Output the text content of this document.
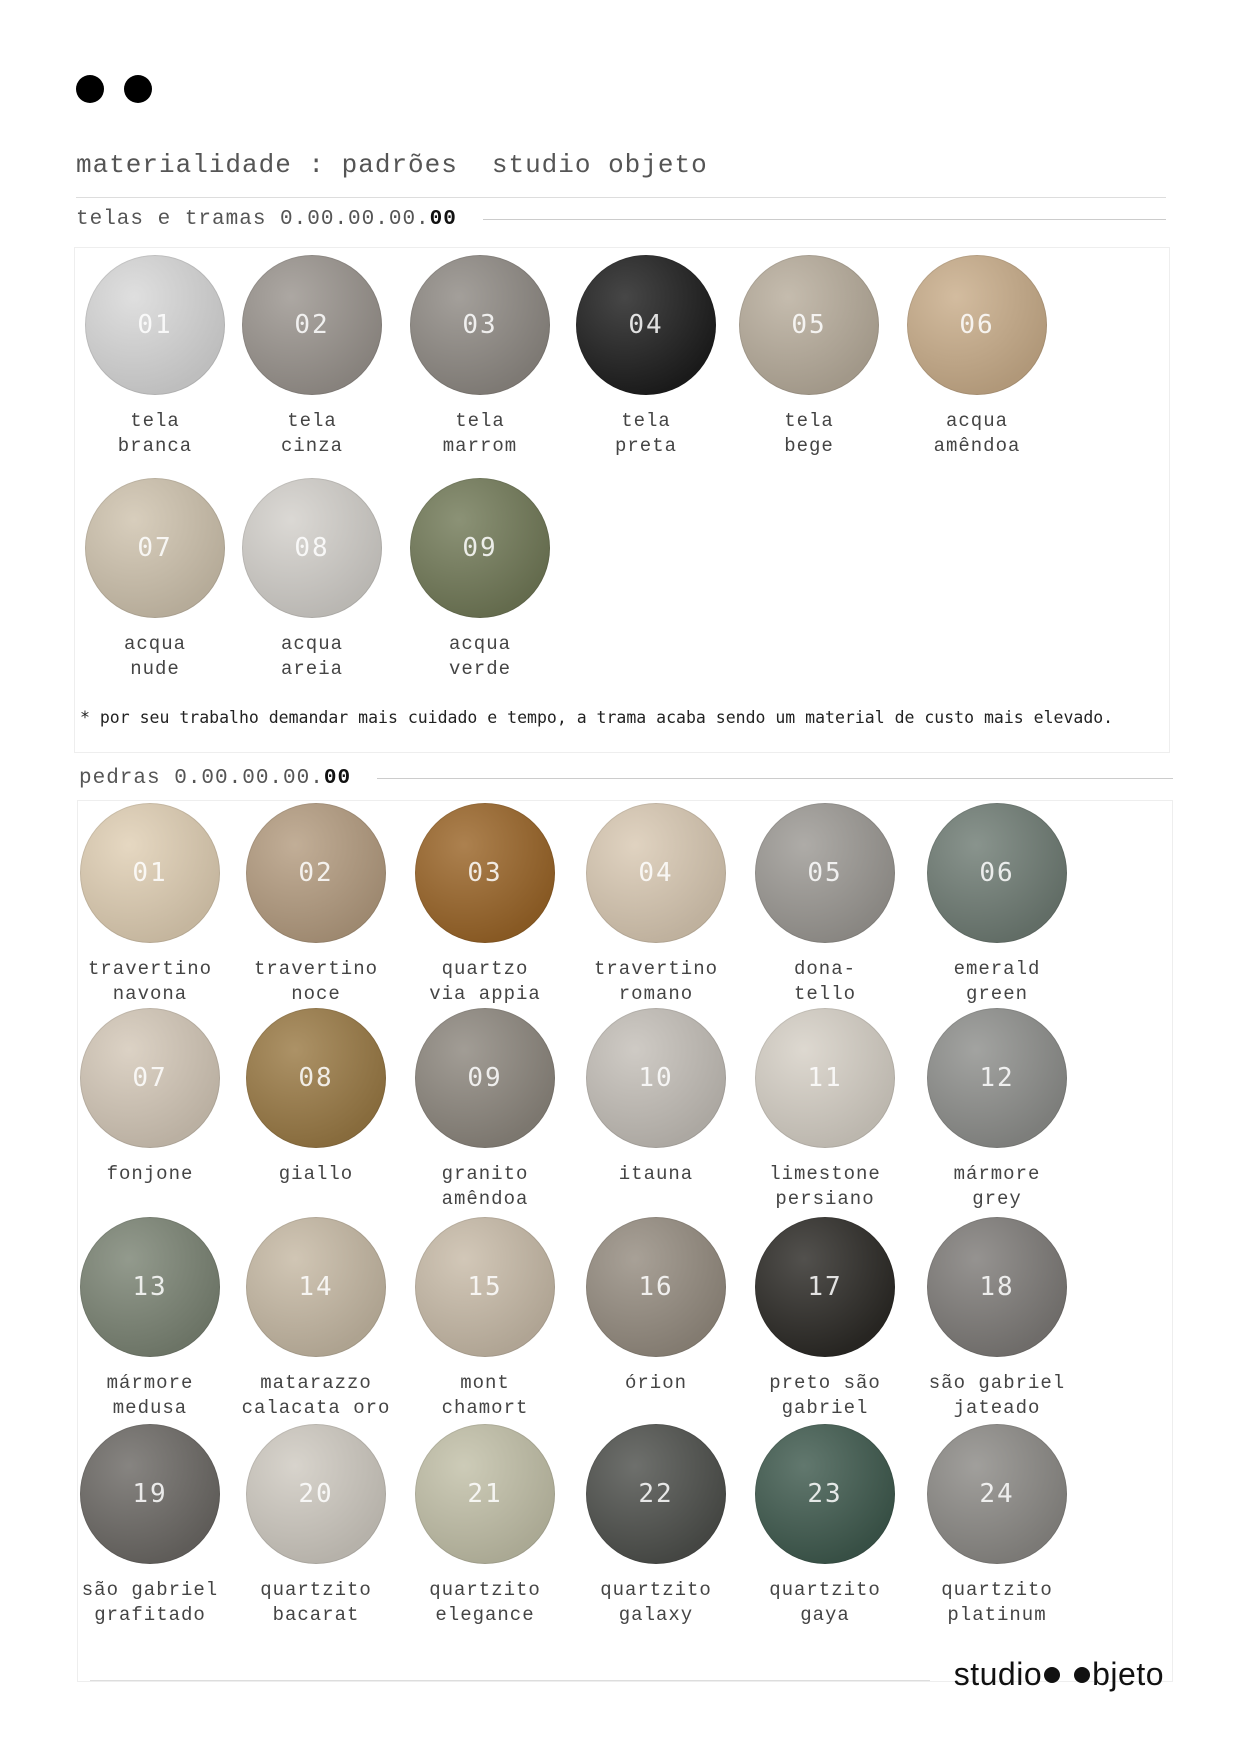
materialidade : padrões studio objeto
telas e tramas 0.00.00.00. 00
01
tela
branca
02
tela
cinza
03
tela
marrom
04
tela
preta
05
tela
bege
06
acqua
amêndoa
07
acqua
nude
08
acqua
areia
09
acqua
verde
* por seu trabalho demandar mais cuidado e tempo, a trama acaba sendo um material de custo mais elevado.
pedras 0.00.00.00. 00
01
travertino
navona
02
travertino
noce
03
quartzo
via appia
04
travertino
romano
05
dona-
tello
06
emerald
green
07
fonjone
08
giallo
09
granito
amêndoa
10
itauna
11
limestone
persiano
12
mármore
grey
13
mármore
medusa
14
matarazzo
calacata oro
15
mont
chamort
16
órion
17
preto são
gabriel
18
são gabriel
jateado
19
são gabriel
grafitado
20
quartzito
bacarat
21
quartzito
elegance
22
quartzito
galaxy
23
quartzito
gaya
24
quartzito
platinum
studio bjeto
